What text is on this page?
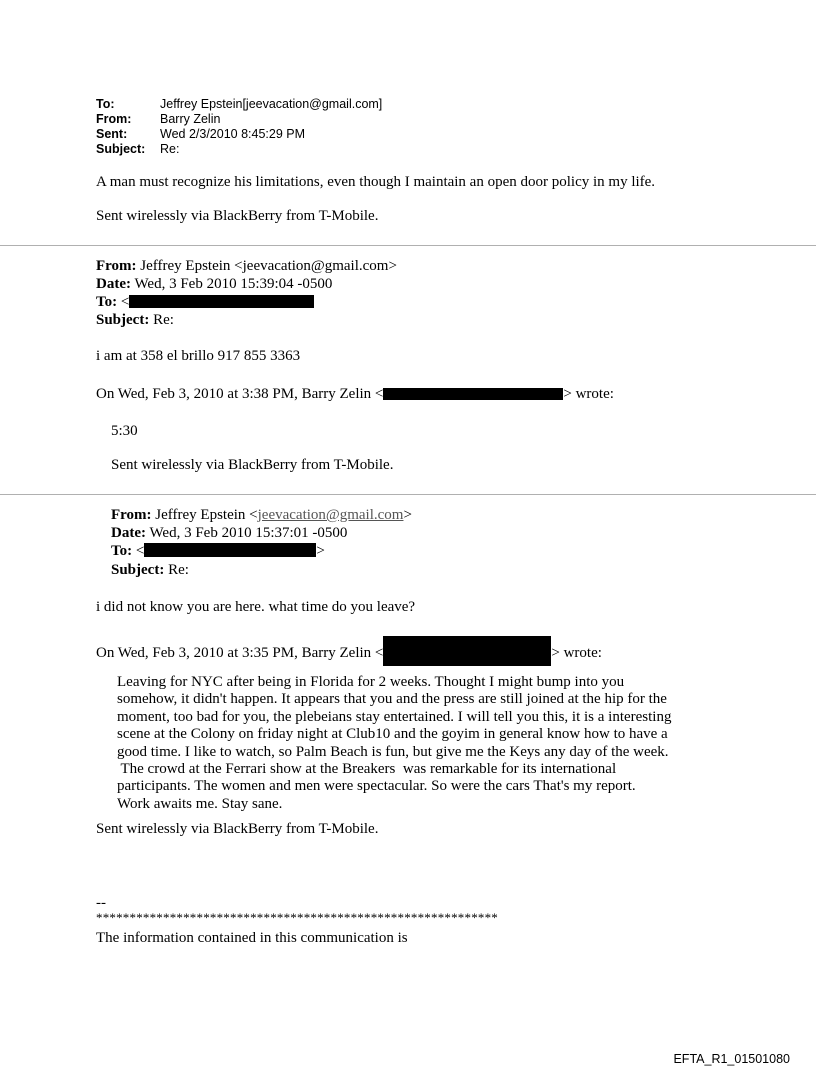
To:	Jeffrey Epstein[jeevacation@gmail.com]
From: Barry Zelin
Sent:	Wed 2/3/2010 8:45:29 PM
Subject: Re:
A man must recognize his limitations, even though I maintain an open door policy in my life.
Sent wirelessly via BlackBerry from T-Mobile.
From: Jeffrey Epstein <jeevacation@gmail.com>
Date: Wed, 3 Feb 2010 15:39:04 -0500
To: <
Subject: Re:
i am at 358 el brillo 917 855 3363
On Wed, Feb 3, 2010 at 3:38 PM, Barry Zelin <	> wrote:
5:30
Sent wirelessly via BlackBerry from T-Mobile.
From: Jeffrey Epstein <jeevacation@gmail.com>
Date: Wed, 3 Feb 2010 15:37:01 -0500
To: <	>
Subject: Re:
i did not know you are here. what time do you leave?
On Wed, Feb 3, 2010 at 3:35 PM, Barry Zelin <	> wrote:
Leaving for NYC after being in Florida for 2 weeks. Thought I might bump into you
somehow, it didn't happen. It appears that you and the press are still joined at the hip for the
moment, too bad for you, the plebeians stay entertained. I will tell you this, it is a interesting
scene at the Colony on friday night at Club10 and the goyim in general know how to have a
good time. I like to watch, so Palm Beach is fun, but give me the Keys any day of the week.
The crowd at the Ferrari show at the Breakers  was remarkable for its international
participants. The women and men were spectacular. So were the cars That's my report.
Work awaits me. Stay sane.
Sent wirelessly via BlackBerry from T-Mobile.
--
************************************************************
The information contained in this communication is
EFTA_R1_01501080
